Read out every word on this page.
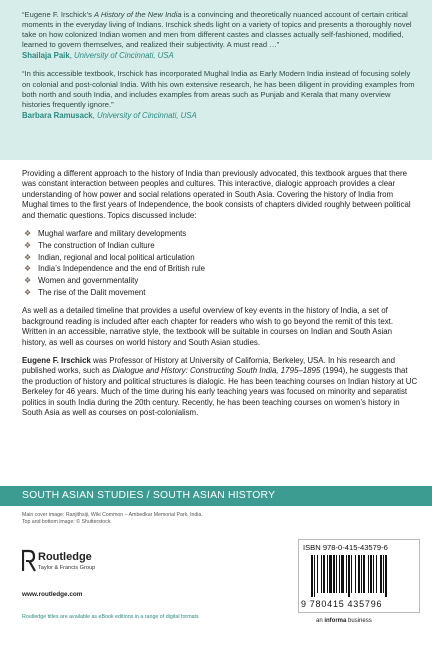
“Eugene F. Irschick’s A History of the New India is a convincing and theoretically nuanced account of certain critical moments in the everyday living of Indians. Irschick sheds light on a variety of topics and presents a thoroughly novel take on how colonized Indian women and men from different castes and classes actually self-fashioned, modified, learned to govern themselves, and realized their subjectivity. A must read …”
Shailaja Paik, University of Cincinnati, USA

“In this accessible textbook, Irschick has incorporated Mughal India as Early Modern India instead of focusing solely on colonial and post-colonial India. With his own extensive research, he has been diligent in providing examples from both north and south India, and includes examples from areas such as Punjab and Kerala that many overview histories frequently ignore.”
Barbara Ramusack, University of Cincinnati, USA

Providing a different approach to the history of India than previously advocated, this textbook argues that there was constant interaction between peoples and cultures. This interactive, dialogic approach provides a clear understanding of how power and social relations operated in South Asia. Covering the history of India from Mughal times to the first years of Independence, the book consists of chapters divided roughly between political and thematic questions. Topics discussed include:

❖ Mughal warfare and military developments
❖ The construction of Indian culture
❖ Indian, regional and local political articulation
❖ India’s Independence and the end of British rule
❖ Women and governmentality
❖ The rise of the Dalit movement

As well as a detailed timeline that provides a useful overview of key events in the history of India, a set of background reading is included after each chapter for readers who wish to go beyond the remit of this text. Written in an accessible, narrative style, the textbook will be suitable in courses on Indian and South Asian history, as well as courses on world history and South Asian studies.

Eugene F. Irschick was Professor of History at University of California, Berkeley, USA. In his research and published works, such as Dialogue and History: Constructing South India, 1795–1895 (1994), he suggests that the production of history and political structures is dialogic. He has been teaching courses on Indian history at UC Berkeley for 46 years. Much of the time during his early teaching years was focused on minority and separatist politics in south India during the 20th century. Recently, he has been teaching courses on women’s history in South Asia as well as courses on post-colonialism.

SOUTH ASIAN STUDIES / SOUTH ASIAN HISTORY
Main cover image: Ranjithsiji, Wiki Common – Ambedkar Memorial Park, India.
Top and bottom image: © Shutterstock.
Routledge
Taylor & Francis Group
www.routledge.com
Routledge titles are available as eBook editions in a range of digital formats
ISBN 978-0-415-43579-6
9 780415 435796
an informa business
